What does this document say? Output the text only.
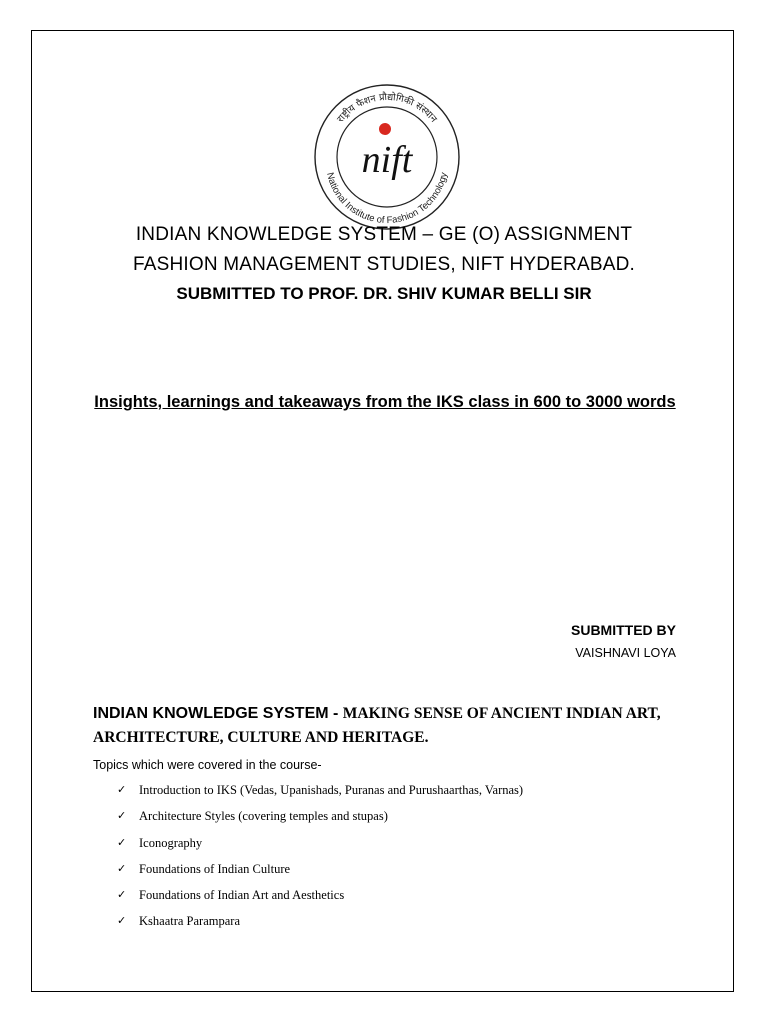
राष्ट्रीय फैशन प्रौद्योगिकी संस्थान
National Institute of Fashion Technology
nift
INDIAN KNOWLEDGE SYSTEM – GE (O) ASSIGNMENT
FASHION MANAGEMENT STUDIES, NIFT HYDERABAD.
SUBMITTED TO PROF. DR. SHIV KUMAR BELLI SIR
Insights, learnings and takeaways from the IKS class in 600 to 3000 words
SUBMITTED BY
VAISHNAVI LOYA
INDIAN KNOWLEDGE SYSTEM - MAKING SENSE OF ANCIENT INDIAN ART, ARCHITECTURE, CULTURE AND HERITAGE.
Topics which were covered in the course-
✓	Introduction to IKS (Vedas, Upanishads, Puranas and Purushaarthas, Varnas)
✓	Architecture Styles (covering temples and stupas)
✓	Iconography
✓	Foundations of Indian Culture
✓	Foundations of Indian Art and Aesthetics
✓	Kshaatra Parampara
